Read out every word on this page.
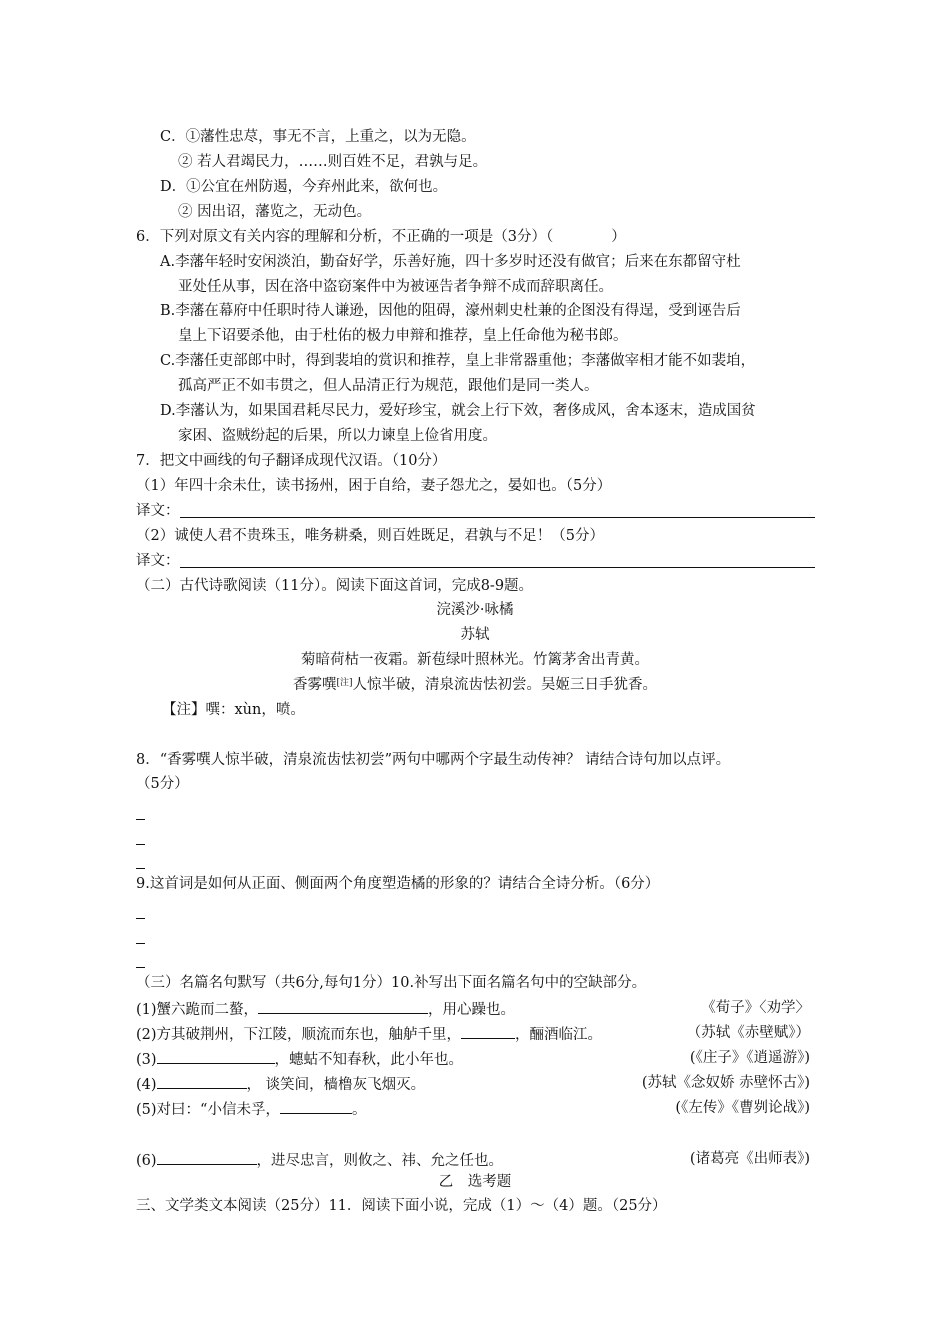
C．①藩性忠荩，事无不言，上重之，以为无隐。
② 若人君竭民力，……则百姓不足，君孰与足。
D．①公宜在州防遏，今弃州此来，欲何也。
② 因出诏，藩览之，无动色。
6．下列对原文有关内容的理解和分析，不正确的一项是（3分）（　　　　）
A.李藩年轻时安闲淡泊，勤奋好学，乐善好施，四十多岁时还没有做官；后来在东都留守杜
亚处任从事，因在洛中盗窃案件中为被诬告者争辩不成而辞职离任。
B.李藩在幕府中任职时待人谦逊，因他的阻碍，濠州刺史杜兼的企图没有得逞，受到诬告后
皇上下诏要杀他，由于杜佑的极力申辩和推荐，皇上任命他为秘书郎。
C.李藩任吏部郎中时，得到裴垍的赏识和推荐，皇上非常器重他；李藩做宰相才能不如裴垍，
孤高严正不如韦贯之，但人品清正行为规范，跟他们是同一类人。
D.李藩认为，如果国君耗尽民力，爱好珍宝，就会上行下效，奢侈成风，舍本逐末，造成国贫
家困、盗贼纷起的后果，所以力谏皇上俭省用度。
7．把文中画线的句子翻译成现代汉语。（10分）
（1）年四十余未仕，读书扬州，困于自给，妻子怨尤之，晏如也。（5分）
译文：
（2）诚使人君不贵珠玉，唯务耕桑，则百姓既足，君孰与不足！（5分）
译文：
（二）古代诗歌阅读（11分）。阅读下面这首词，完成8-9题。
浣溪沙·咏橘
苏轼
菊暗荷枯一夜霜。新苞绿叶照林光。竹篱茅舍出青黄。
香雾噀[注]人惊半破，清泉流齿怯初尝。吴姬三日手犹香。
【注】噀：xùn，喷。
8．“香雾噀人惊半破，清泉流齿怯初尝”两句中哪两个字最生动传神？ 请结合诗句加以点评。
（5分）
9.这首词是如何从正面、侧面两个角度塑造橘的形象的？请结合全诗分析。（6分）
（三）名篇名句默写（共6分,每句1分）10.补写出下面名篇名句中的空缺部分。
(1)蟹六跪而二螯，	，用心躁也。	《荀子》〈劝学〉
(2)方其破荆州，下江陵，顺流而东也，舳舻千里，	，酾酒临江。	（苏轼《赤壁赋》）
(3)	，蟪蛄不知春秋，此小年也。	(《庄子》《逍遥游》)
(4)	， 谈笑间，樯橹灰飞烟灭。	(苏轼《念奴娇 赤壁怀古》)
(5)对曰：“小信未孚，	。	(《左传》《曹刿论战》)
(6)	，进尽忠言，则攸之、祎、允之任也。	(诸葛亮《出师表》)
乙　选考题
三、文学类文本阅读（25分）11．阅读下面小说，完成（1）～（4）题。（25分）
